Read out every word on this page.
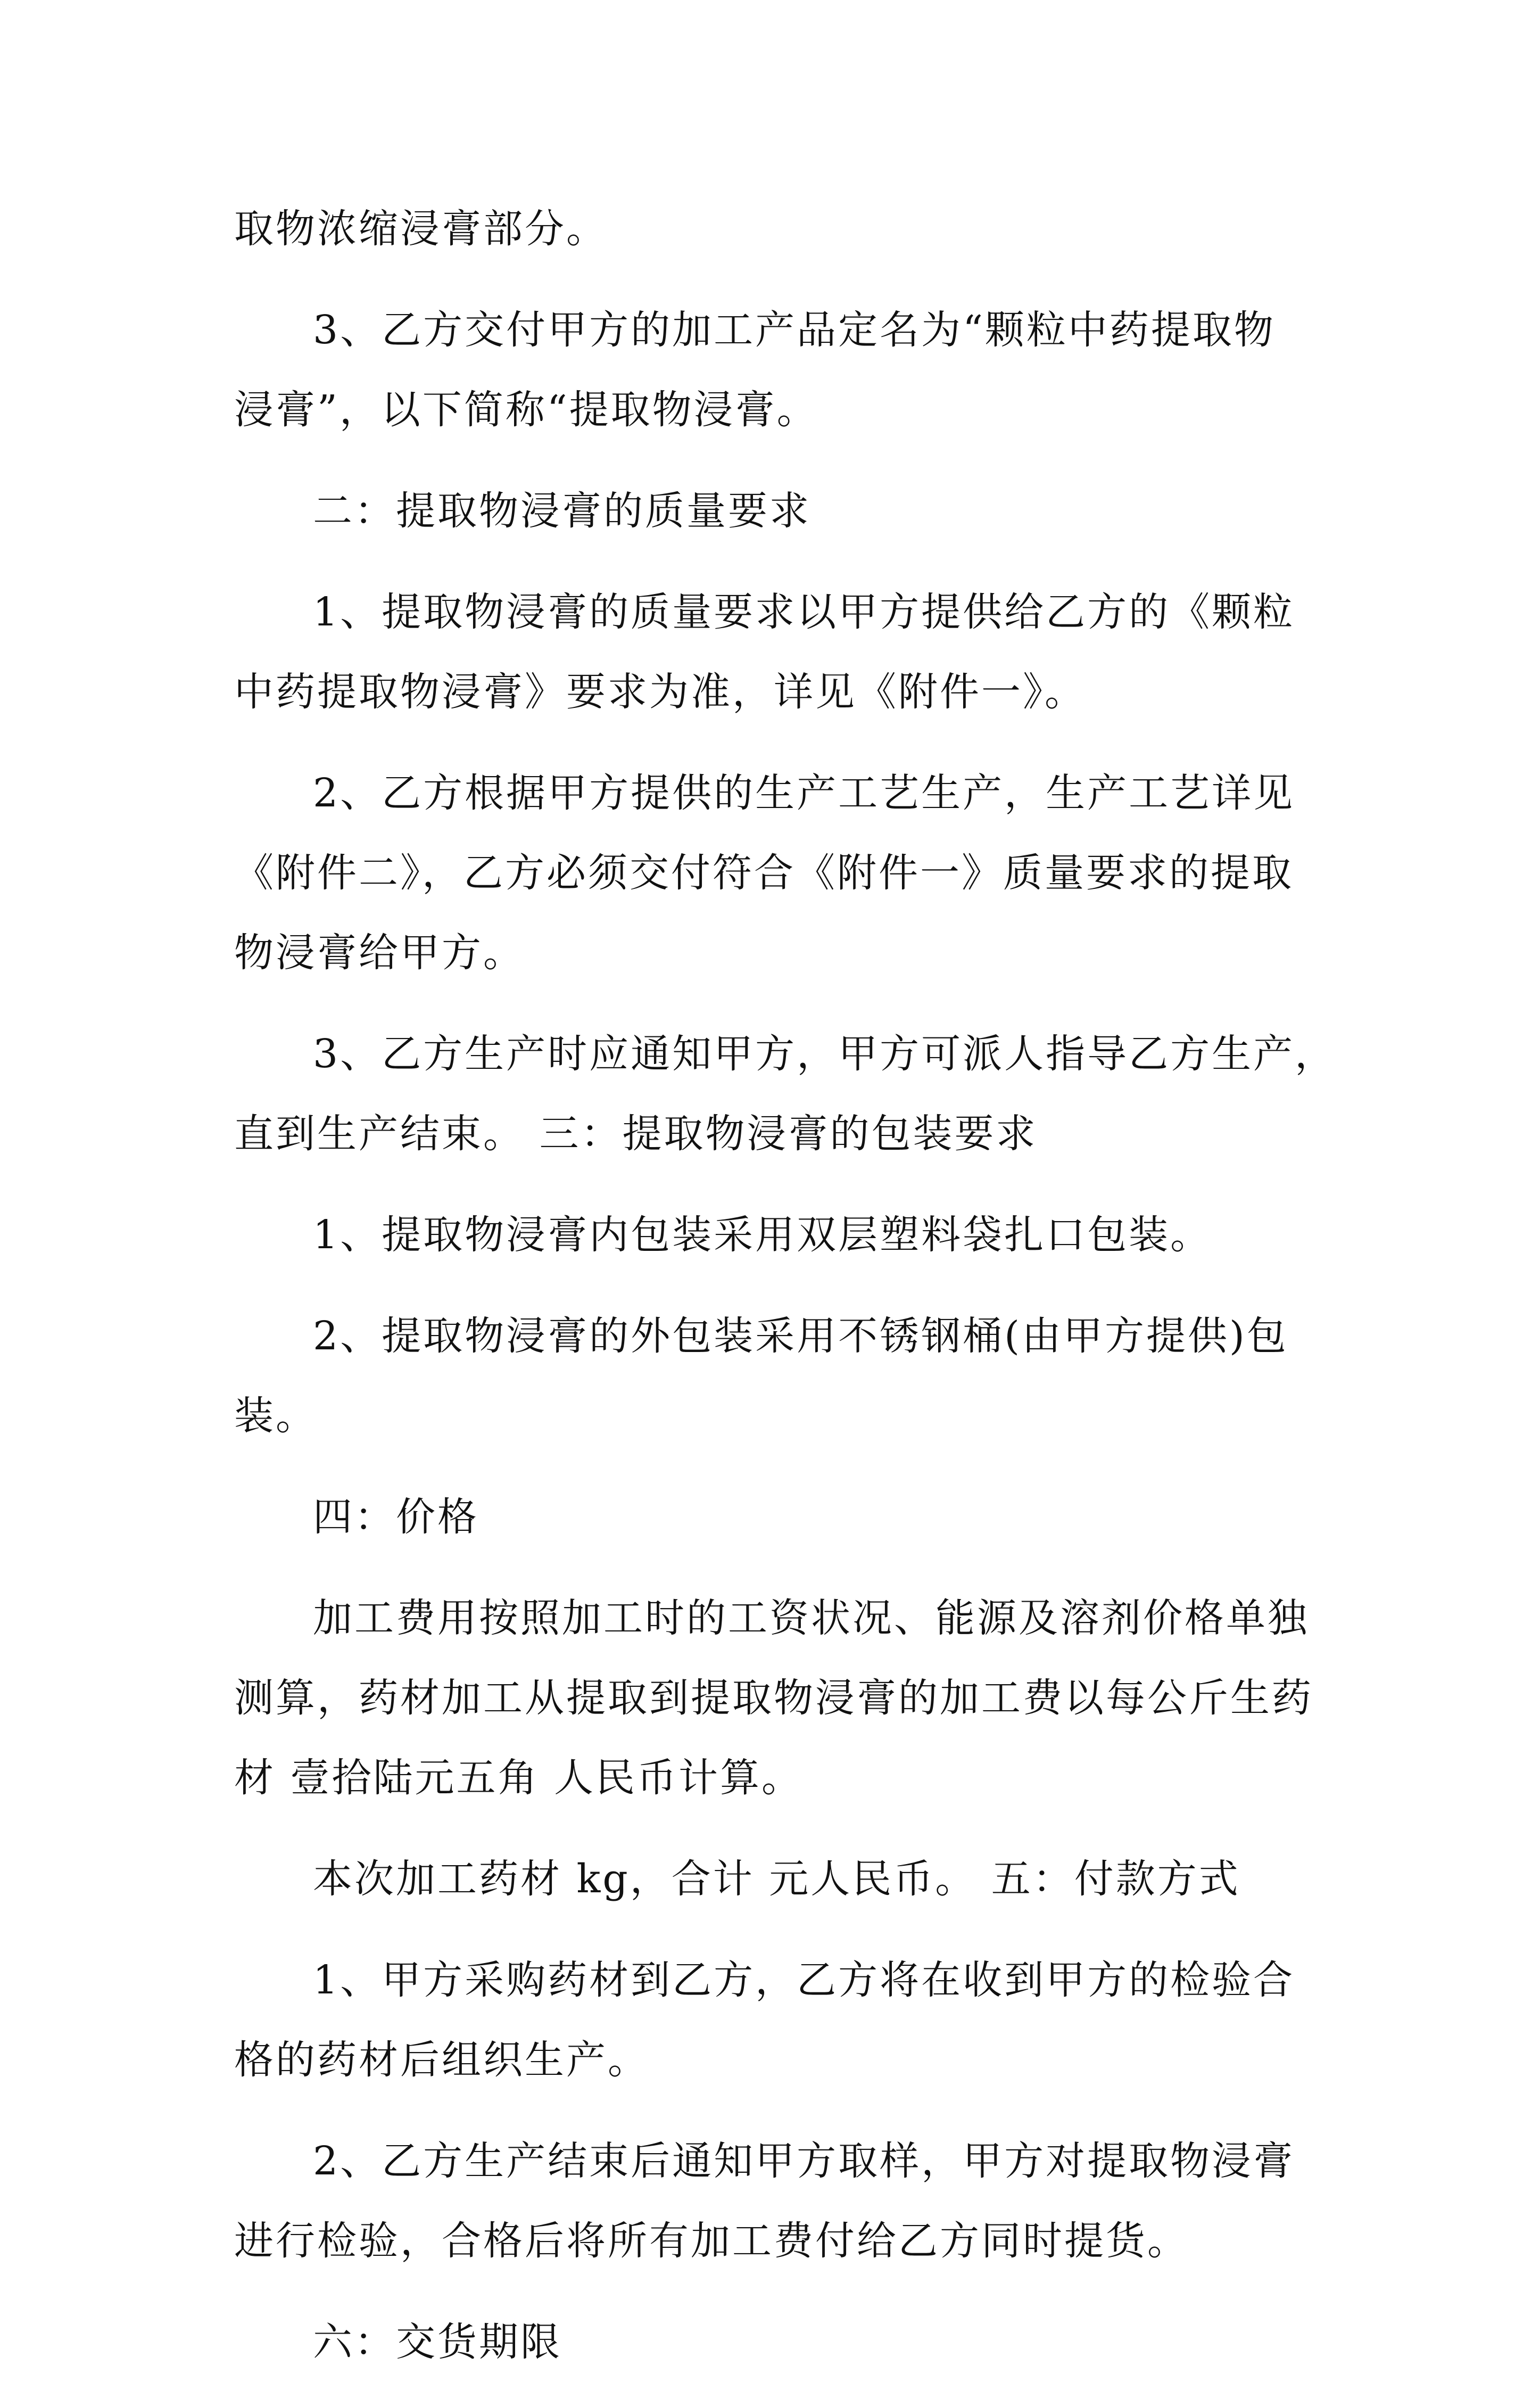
取物浓缩浸膏部分。
3、乙方交付甲方的加工产品定名为“颗粒中药提取物
浸膏”，以下简称“提取物浸膏。
二：提取物浸膏的质量要求
1、提取物浸膏的质量要求以甲方提供给乙方的《颗粒
中药提取物浸膏》要求为准，详见《附件一》。
2、乙方根据甲方提供的生产工艺生产，生产工艺详见
《附件二》，乙方必须交付符合《附件一》质量要求的提取
物浸膏给甲方。
3、乙方生产时应通知甲方，甲方可派人指导乙方生产，
直到生产结束。 三：提取物浸膏的包装要求
1、提取物浸膏内包装采用双层塑料袋扎口包装。
2、提取物浸膏的外包装采用不锈钢桶(由甲方提供)包
装。
四：价格
加工费用按照加工时的工资状况、能源及溶剂价格单独
测算，药材加工从提取到提取物浸膏的加工费以每公斤生药
材 壹拾陆元五角 人民币计算。
本次加工药材 kg，合计 元人民币。 五：付款方式
1、甲方采购药材到乙方，乙方将在收到甲方的检验合
格的药材后组织生产。
2、乙方生产结束后通知甲方取样，甲方对提取物浸膏
进行检验，合格后将所有加工费付给乙方同时提货。
六：交货期限
